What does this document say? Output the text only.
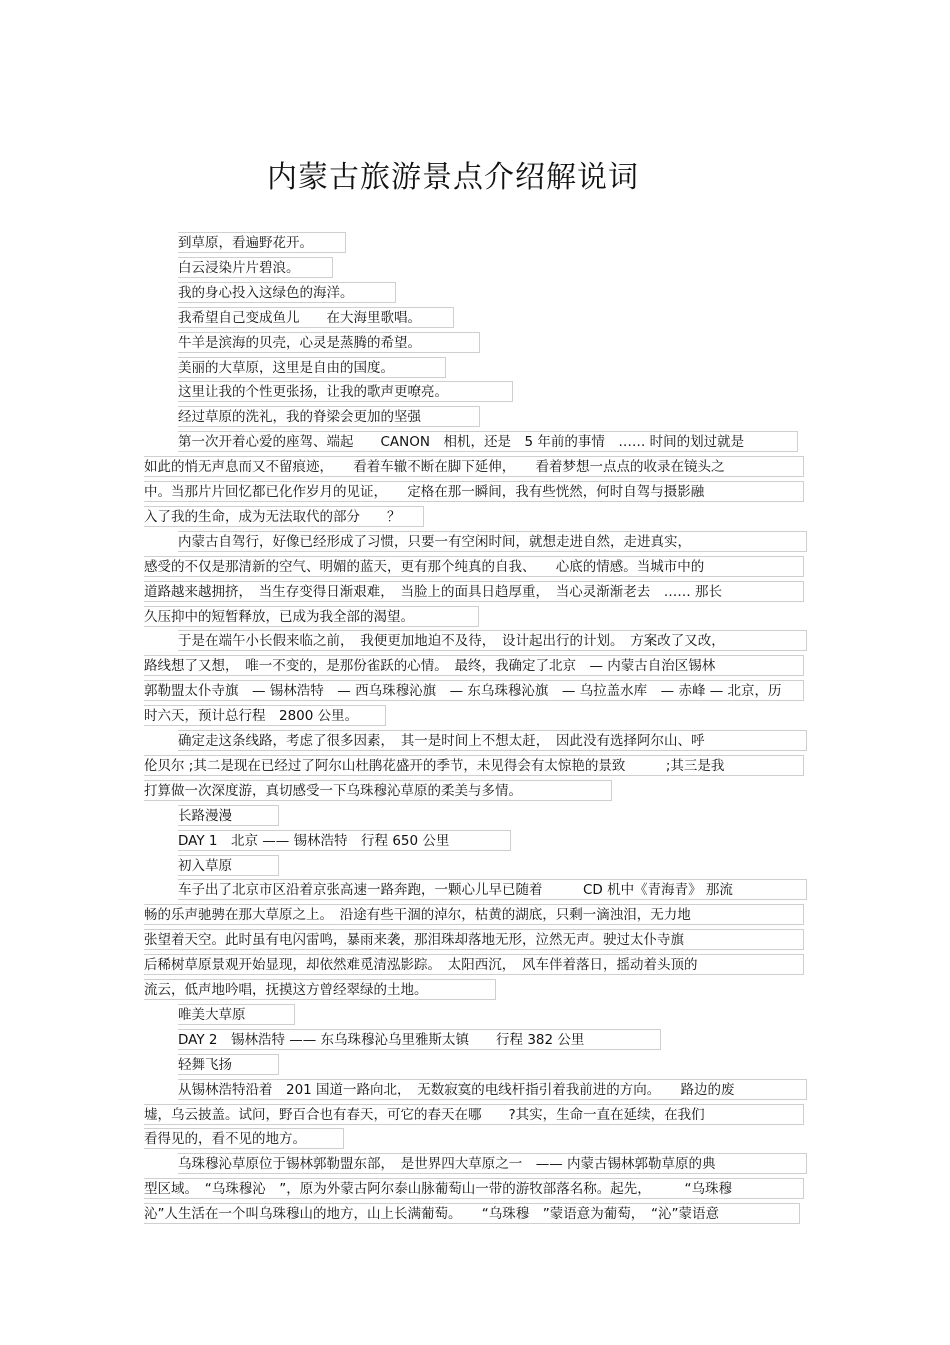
内蒙古旅游景点介绍解说词
到草原，看遍野花开。
白云浸染片片碧浪。
我的身心投入这绿色的海洋。
我希望自己变成鱼儿　　在大海里歌唱。
牛羊是滨海的贝壳，心灵是蒸腾的希望。
美丽的大草原，这里是自由的国度。
这里让我的个性更张扬，让我的歌声更嘹亮。
经过草原的洗礼，我的脊梁会更加的坚强
第一次开着心爱的座驾、端起　　CANON　相机，还是　5 年前的事情　…… 时间的划过就是
如此的悄无声息而又不留痕迹，　　看着车辙不断在脚下延伸，　　看着梦想一点点的收录在镜头之
中。当那片片回忆都已化作岁月的见证，　　定格在那一瞬间，我有些恍然，何时自驾与摄影融
入了我的生命，成为无法取代的部分　　？
内蒙古自驾行，好像已经形成了习惯，只要一有空闲时间，就想走进自然，走进真实，
感受的不仅是那清新的空气、明媚的蓝天，更有那个纯真的自我、　　心底的情感。当城市中的
道路越来越拥挤，　当生存变得日渐艰难，　当脸上的面具日趋厚重，　当心灵渐渐老去　…… 那长
久压抑中的短暂释放，已成为我全部的渴望。
于是在端午小长假来临之前，　我便更加地迫不及待，　设计起出行的计划。　方案改了又改，
路线想了又想，　唯一不变的，是那份雀跃的心情。　最终，我确定了北京　— 内蒙古自治区锡林
郭勒盟太仆寺旗　— 锡林浩特　— 西乌珠穆沁旗　— 东乌珠穆沁旗　— 乌拉盖水库　— 赤峰 — 北京，历
时六天，预计总行程　2800 公里。
确定走这条线路，考虑了很多因素，　其一是时间上不想太赶，　因此没有选择阿尔山、呼
伦贝尔 ;其二是现在已经过了阿尔山杜鹃花盛开的季节，未见得会有太惊艳的景致　　　;其三是我
打算做一次深度游，真切感受一下乌珠穆沁草原的柔美与多情。
长路漫漫
DAY 1　北京 —— 锡林浩特　行程 650 公里
初入草原
车子出了北京市区沿着京张高速一路奔跑，一颗心儿早已随着　　　CD 机中《青海青》 那流
畅的乐声驰骋在那大草原之上。　沿途有些干涸的淖尔，枯黄的湖底，只剩一滴浊泪，无力地
张望着天空。此时虽有电闪雷鸣，暴雨来袭，那泪珠却落地无形，泣然无声。驶过太仆寺旗
后稀树草原景观开始显现，却依然难觅清泓影踪。　太阳西沉，　风车伴着落日，摇动着头顶的
流云，低声地吟唱，抚摸这方曾经翠绿的土地。
唯美大草原
DAY 2　锡林浩特 —— 东乌珠穆沁乌里雅斯太镇　　行程 382 公里
轻舞飞扬
从锡林浩特沿着　201 国道一路向北，　无数寂寞的电线杆指引着我前进的方向。　　路边的废
墟，乌云披盖。试问，野百合也有春天，可它的春天在哪　　?其实，生命一直在延续，在我们
看得见的，看不见的地方。
乌珠穆沁草原位于锡林郭勒盟东部，　是世界四大草原之一　—— 内蒙古锡林郭勒草原的典
型区域。　“乌珠穆沁　”，原为外蒙古阿尔泰山脉葡萄山一带的游牧部落名称。起先，　　　“乌珠穆
沁”人生活在一个叫乌珠穆山的地方，山上长满葡萄。　　“乌珠穆　”蒙语意为葡萄，　“沁”蒙语意
